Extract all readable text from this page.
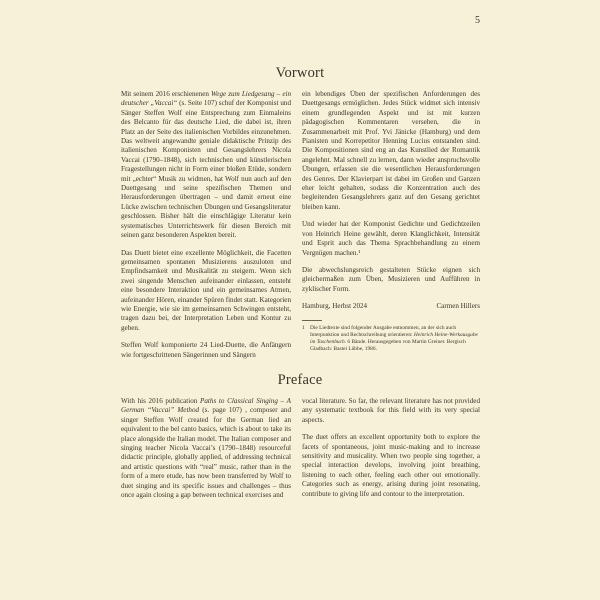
5
Vorwort

Mit seinem 2016 erschienenen Wege zum Liedgesang – ein deutscher „Vaccai“ (s. Seite 107) schuf der Komponist und Sänger Steffen Wolf eine Entsprechung zum Einmaleins des Belcanto für das deutsche Lied, die dabei ist, ihren Platz an der Seite des italienischen Vorbildes einzunehmen. Das weltweit angewandte geniale didaktische Prinzip des italienischen Komponisten und Gesangslehrers Nicola Vaccai (1790–1848), sich technischen und künstlerischen Fragestellungen nicht in Form einer bloßen Etüde, sondern mit „echter“ Musik zu widmen, hat Wolf nun auch auf den Duettgesang und seine spezifischen Themen und Herausforderungen übertragen – und damit erneut eine Lücke zwischen technischen Übungen und Gesangsliteratur geschlossen. Bisher hält die einschlägige Literatur kein systematisches Unterrichtswerk für diesen Bereich mit seinen ganz besonderen Aspekten bereit.

Das Duett bietet eine exzellente Möglichkeit, die Facetten gemeinsamen spontanen Musizierens auszuloten und Empfindsamkeit und Musikalität zu steigern. Wenn sich zwei singende Menschen aufeinander einlassen, entsteht eine besondere Interaktion und ein gemeinsames Atmen, aufeinander Hören, einander Spüren findet statt. Kategorien wie Energie, wie sie im gemeinsamen Schwingen entsteht, tragen dazu bei, der Interpretation Leben und Kontur zu geben.

Steffen Wolf komponierte 24 Lied-Duette, die Anfängern wie fortgeschrittenen Sängerinnen und Sängern

ein lebendiges Üben der spezifischen Anforderungen des Duettgesangs ermöglichen. Jedes Stück widmet sich intensiv einem grundlegenden Aspekt und ist mit kurzen pädagogischen Kommentaren versehen, die in Zusammenarbeit mit Prof. Yvi Jänicke (Hamburg) und dem Pianisten und Korrepetitor Henning Lucius entstanden sind. Die Kompositionen sind eng an das Kunstlied der Romantik angelehnt. Mal schnell zu lernen, dann wieder anspruchsvolle Übungen, erfassen sie die wesentlichen Herausforderungen des Genres. Der Klavierpart ist dabei im Großen und Ganzen eher leicht gehalten, sodass die Konzentration auch des begleitenden Gesangslehrers ganz auf den Gesang gerichtet bleiben kann.

Und wieder hat der Komponist Gedichte und Gedichtzeilen von Heinrich Heine gewählt, deren Klanglichkeit, Intensität und Esprit auch das Thema Sprachbehandlung zu einem Vergnügen machen.¹

Die abwechslungsreich gestalteten Stücke eignen sich gleichermaßen zum Üben, Musizieren und Aufführen in zyklischer Form.

Hamburg, Herbst 2024	Carmen Hillers
1 Die Liedtexte sind folgender Ausgabe entnommen, an der sich auch Interpunktion und Rechtschreibung orientieren: Heinrich Heine-Werkausgabe im Taschenbuch. 6 Bände. Herausgegeben von Martin Greiner. Bergisch Gladbach: Bastei Lübbe, 1986.
Preface

With his 2016 publication Paths to Classical Singing – A German “Vaccai” Method (s. page 107) , composer and singer Steffen Wolf created for the German lied an equivalent to the bel canto basics, which is about to take its place alongside the Italian model. The Italian composer and singing teacher Nicola Vaccai’s (1790–1848) resourceful didactic principle, globally applied, of addressing technical and artistic questions with “real” music, rather than in the form of a mere etude, has now been transferred by Wolf to duet singing and its specific issues and challenges – thus once again closing a gap between technical exercises and

vocal literature. So far, the relevant literature has not provided any systematic textbook for this field with its very special aspects.

The duet offers an excellent opportunity both to explore the facets of spontaneous, joint music-making and to increase sensitivity and musicality. When two people sing together, a special interaction develops, involving joint breathing, listening to each other, feeling each other out emotionally. Categories such as energy, arising during joint resonating, contribute to giving life and contour to the interpretation.
